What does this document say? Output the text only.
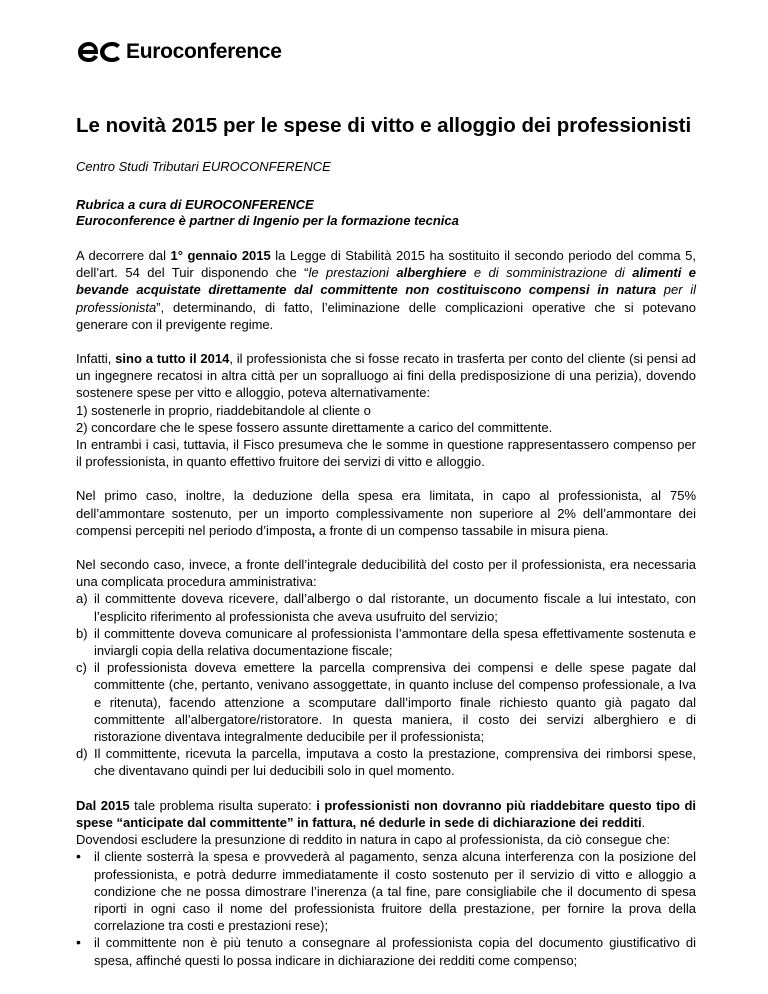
Euroconference
Le novità 2015 per le spese di vitto e alloggio dei professionisti
Centro Studi Tributari EUROCONFERENCE
Rubrica a cura di EUROCONFERENCE
Euroconference è partner di Ingenio per la formazione tecnica

A decorrere dal 1° gennaio 2015 la Legge di Stabilità 2015 ha sostituito il secondo periodo del comma 5, dell’art. 54 del Tuir disponendo che “le prestazioni alberghiere e di somministrazione di alimenti e bevande acquistate direttamente dal committente non costituiscono compensi in natura per il professionista”, determinando, di fatto, l’eliminazione delle complicazioni operative che si potevano generare con il previgente regime.

Infatti, sino a tutto il 2014, il professionista che si fosse recato in trasferta per conto del cliente (si pensi ad un ingegnere recatosi in altra città per un sopralluogo ai fini della predisposizione di una perizia), dovendo sostenere spese per vitto e alloggio, poteva alternativamente:

1) sostenerle in proprio, riaddebitandole al cliente o

2) concordare che le spese fossero assunte direttamente a carico del committente.

In entrambi i casi, tuttavia, il Fisco presumeva che le somme in questione rappresentassero compenso per il professionista, in quanto effettivo fruitore dei servizi di vitto e alloggio.

Nel primo caso, inoltre, la deduzione della spesa era limitata, in capo al professionista, al 75% dell’ammontare sostenuto, per un importo complessivamente non superiore al 2% dell’ammontare dei compensi percepiti nel periodo d’imposta, a fronte di un compenso tassabile in misura piena.

Nel secondo caso, invece, a fronte dell’integrale deducibilità del costo per il professionista, era necessaria una complicata procedura amministrativa:

a) il committente doveva ricevere, dall’albergo o dal ristorante, un documento fiscale a lui intestato, con l’esplicito riferimento al professionista che aveva usufruito del servizio;
b) il committente doveva comunicare al professionista l’ammontare della spesa effettivamente sostenuta e inviargli copia della relativa documentazione fiscale;
c) il professionista doveva emettere la parcella comprensiva dei compensi e delle spese pagate dal committente (che, pertanto, venivano assoggettate, in quanto incluse del compenso professionale, a Iva e ritenuta), facendo attenzione a scomputare dall’importo finale richiesto quanto già pagato dal committente all’albergatore/ristoratore. In questa maniera, il costo dei servizi alberghiero e di ristorazione diventava integralmente deducibile per il professionista;
d) Il committente, ricevuta la parcella, imputava a costo la prestazione, comprensiva dei rimborsi spese, che diventavano quindi per lui deducibili solo in quel momento.

Dal 2015 tale problema risulta superato: i professionisti non dovranno più riaddebitare questo tipo di spese “anticipate dal committente” in fattura, né dedurle in sede di dichiarazione dei redditi.

Dovendosi escludere la presunzione di reddito in natura in capo al professionista, da ciò consegue che:

•	il cliente sosterrà la spesa e provvederà al pagamento, senza alcuna interferenza con la posizione del professionista, e potrà dedurre immediatamente il costo sostenuto per il servizio di vitto e alloggio a condizione che ne possa dimostrare l’inerenza (a tal fine, pare consigliabile che il documento di spesa riporti in ogni caso il nome del professionista fruitore della prestazione, per fornire la prova della correlazione tra costi e prestazioni rese);
•	il committente non è più tenuto a consegnare al professionista copia del documento giustificativo di spesa, affinché questi lo possa indicare in dichiarazione dei redditi come compenso;
